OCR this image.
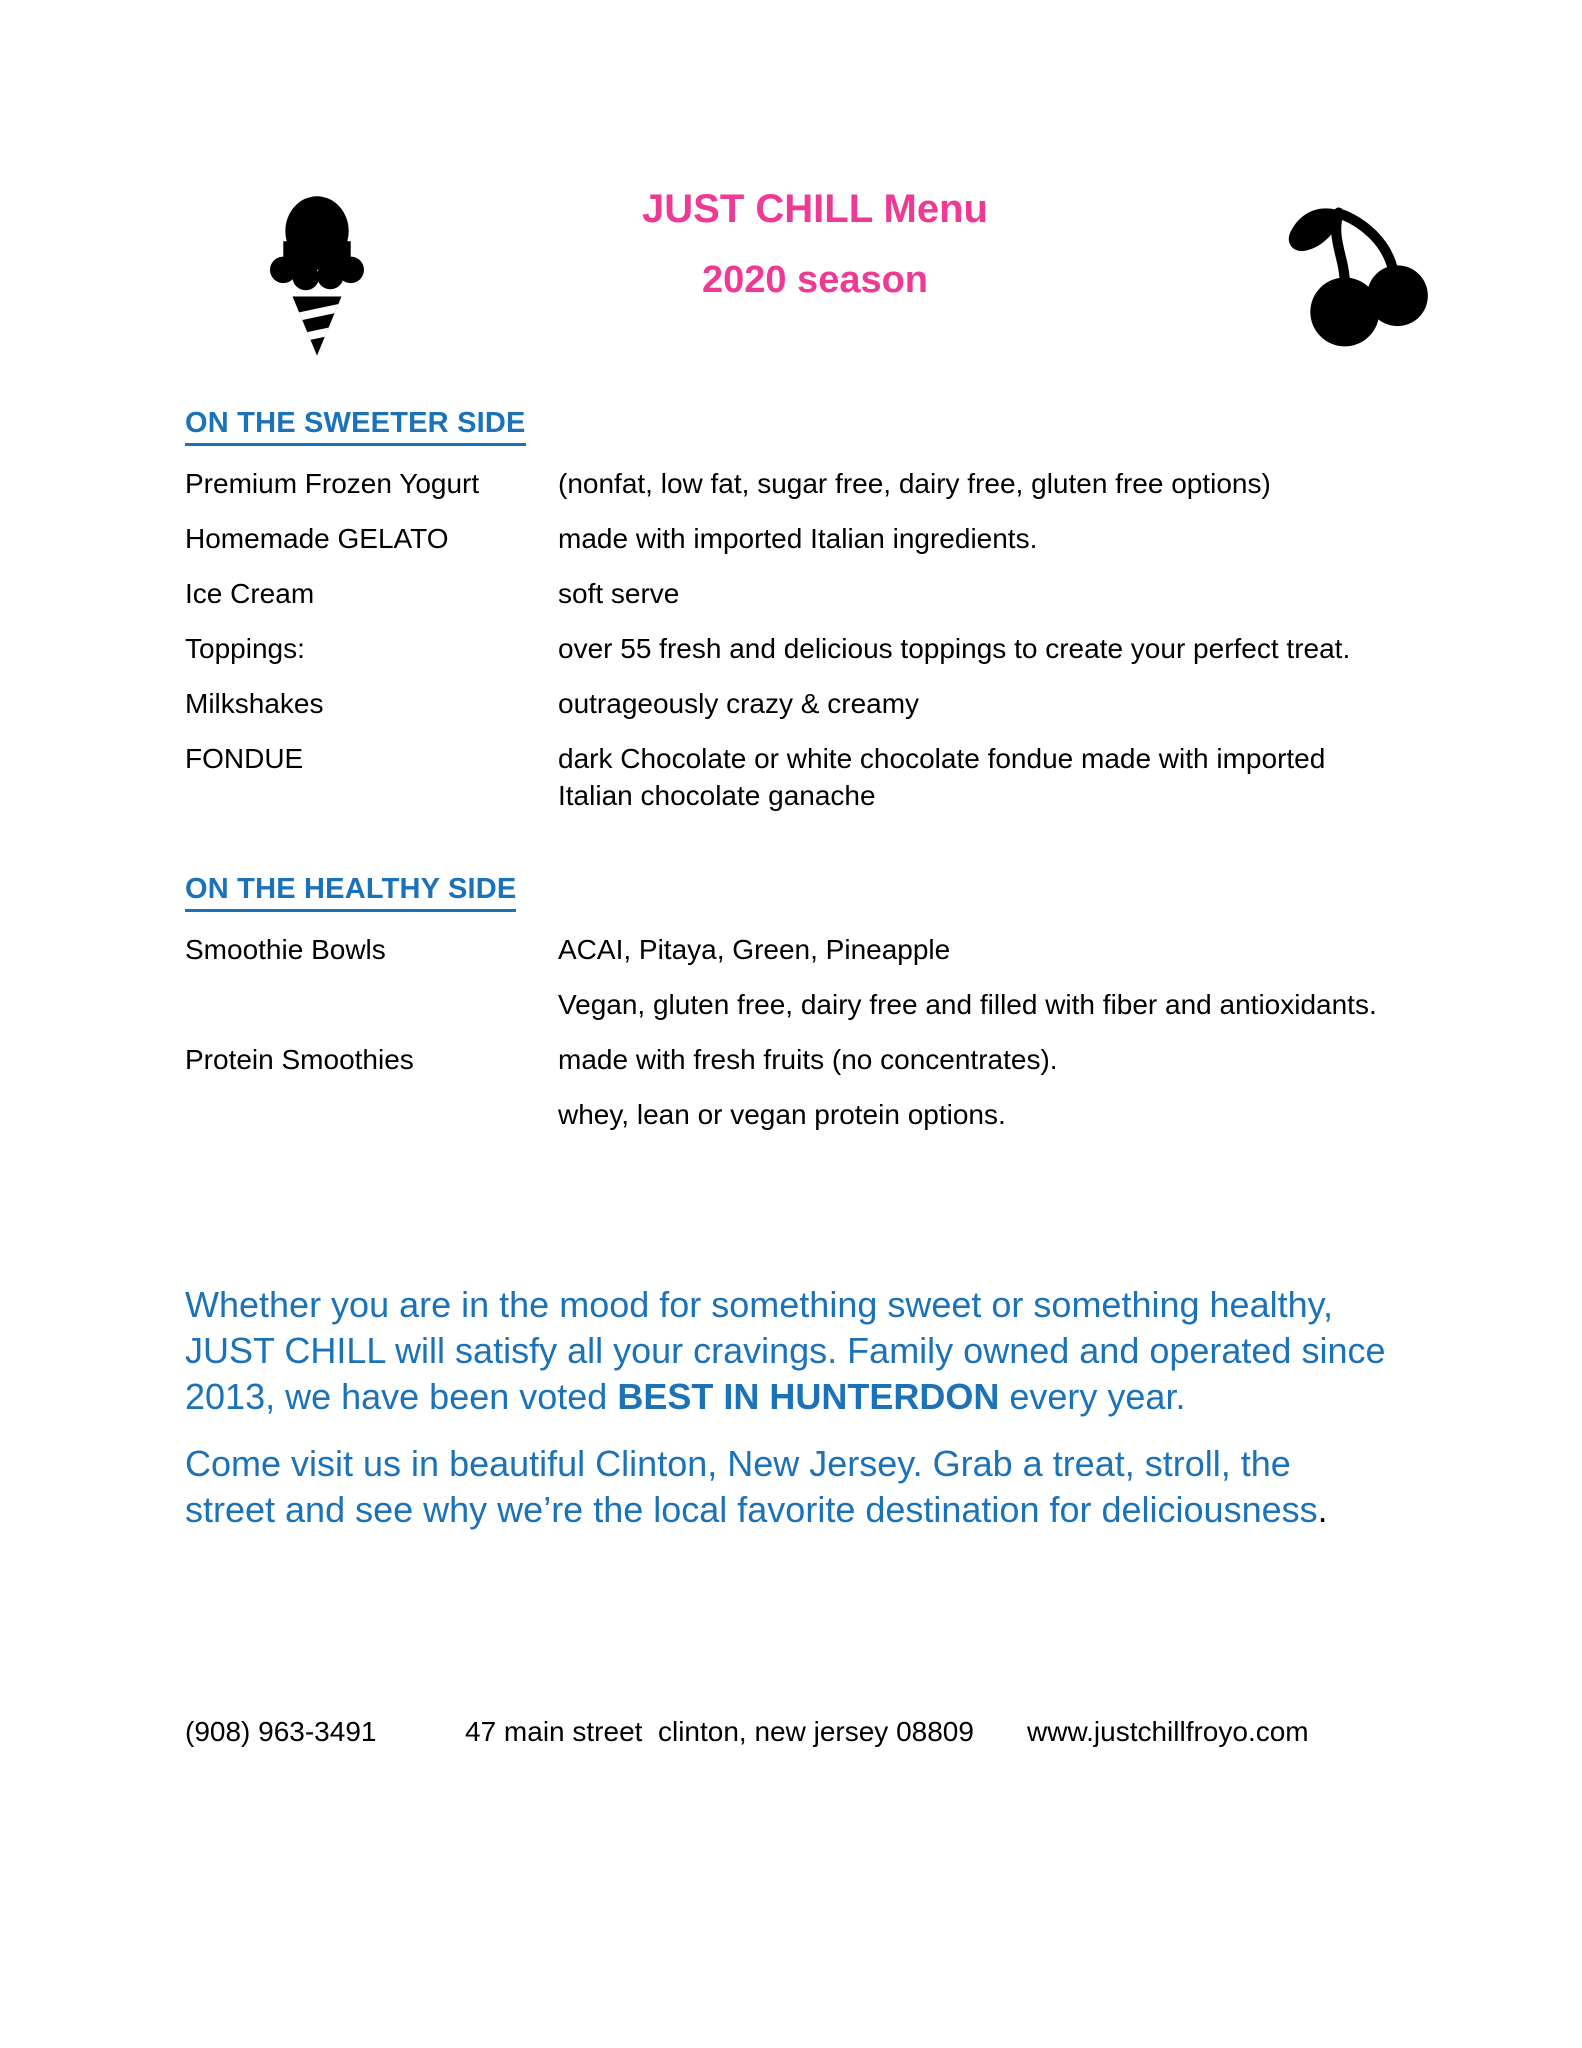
JUST CHILL Menu
2020 season
ON THE SWEETER SIDE
Premium Frozen Yogurt	(nonfat, low fat, sugar free, dairy free, gluten free options)
Homemade GELATO	made with imported Italian ingredients.
Ice Cream	soft serve
Toppings:	over 55 fresh and delicious toppings to create your perfect treat.
Milkshakes	outrageously crazy & creamy
FONDUE	dark Chocolate or white chocolate fondue made with imported Italian chocolate ganache
ON THE HEALTHY SIDE
Smoothie Bowls	ACAI, Pitaya, Green, Pineapple
Vegan, gluten free, dairy free and filled with fiber and antioxidants.
Protein Smoothies	made with fresh fruits (no concentrates).
whey, lean or vegan protein options.

Whether you are in the mood for something sweet or something healthy,
JUST CHILL will satisfy all your cravings. Family owned and operated since
2013, we have been voted BEST IN HUNTERDON every year.

Come visit us in beautiful Clinton, New Jersey. Grab a treat, stroll, the
street and see why we’re the local favorite destination for deliciousness.

(908) 963-3491	47 main street  clinton, new jersey 08809 www.justchillfroyo.com
